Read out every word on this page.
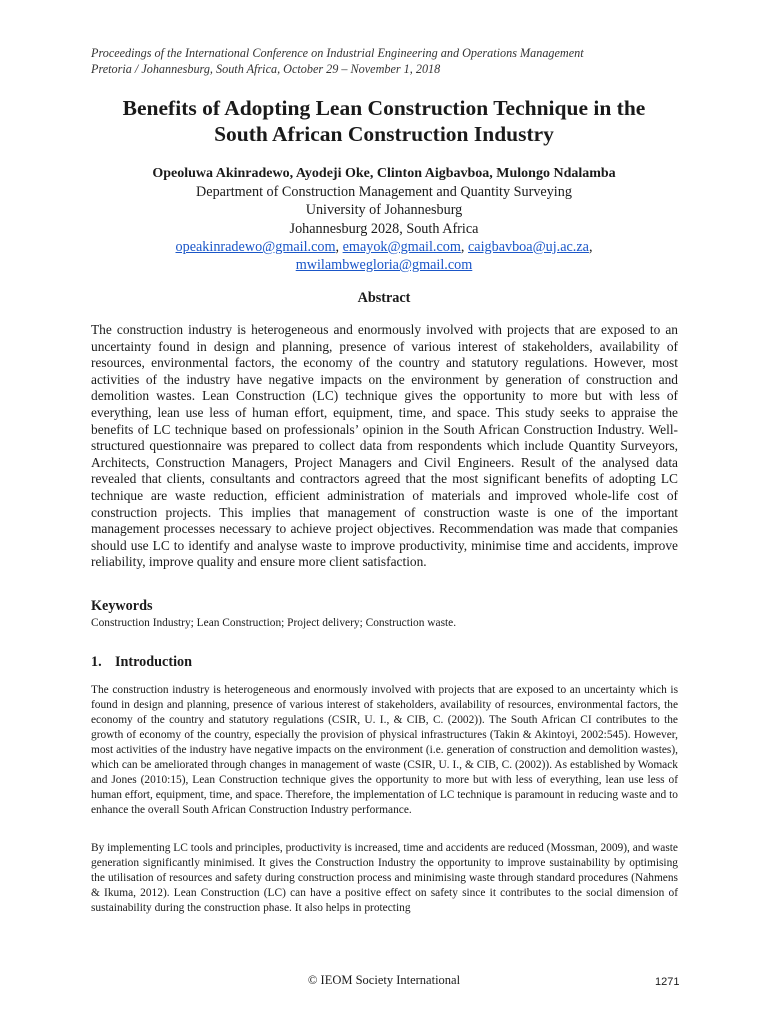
Proceedings of the International Conference on Industrial Engineering and Operations Management
Pretoria / Johannesburg, South Africa, October 29 – November 1, 2018
Benefits of Adopting Lean Construction Technique in the
South African Construction Industry
Opeoluwa Akinradewo, Ayodeji Oke, Clinton Aigbavboa, Mulongo Ndalamba
Department of Construction Management and Quantity Surveying
University of Johannesburg
Johannesburg 2028, South Africa
opeakinradewo@gmail.com, emayok@gmail.com, caigbavboa@uj.ac.za,
mwilambwegloria@gmail.com
Abstract
The construction industry is heterogeneous and enormously involved with projects that are exposed to an uncertainty found in design and planning, presence of various interest of stakeholders, availability of resources, environmental factors, the economy of the country and statutory regulations. However, most activities of the industry have negative impacts on the environment by generation of construction and demolition wastes. Lean Construction (LC) technique gives the opportunity to more but with less of everything, lean use less of human effort, equipment, time, and space. This study seeks to appraise the benefits of LC technique based on professionals’ opinion in the South African Construction Industry. Well-structured questionnaire was prepared to collect data from respondents which include Quantity Surveyors, Architects, Construction Managers, Project Managers and Civil Engineers. Result of the analysed data revealed that clients, consultants and contractors agreed that the most significant benefits of adopting LC technique are waste reduction, efficient administration of materials and improved whole-life cost of construction projects. This implies that management of construction waste is one of the important management processes necessary to achieve project objectives. Recommendation was made that companies should use LC to identify and analyse waste to improve productivity, minimise time and accidents, improve reliability, improve quality and ensure more client satisfaction.
Keywords
Construction Industry; Lean Construction; Project delivery; Construction waste.
1. Introduction
The construction industry is heterogeneous and enormously involved with projects that are exposed to an uncertainty which is found in design and planning, presence of various interest of stakeholders, availability of resources, environmental factors, the economy of the country and statutory regulations (CSIR, U. I., & CIB, C. (2002)). The South African CI contributes to the growth of economy of the country, especially the provision of physical infrastructures (Takin & Akintoyi, 2002:545). However, most activities of the industry have negative impacts on the environment (i.e. generation of construction and demolition wastes), which can be ameliorated through changes in management of waste (CSIR, U. I., & CIB, C. (2002)). As established by Womack and Jones (2010:15), Lean Construction technique gives the opportunity to more but with less of everything, lean use less of human effort, equipment, time, and space. Therefore, the implementation of LC technique is paramount in reducing waste and to enhance the overall South African Construction Industry performance.
By implementing LC tools and principles, productivity is increased, time and accidents are reduced (Mossman, 2009), and waste generation significantly minimised. It gives the Construction Industry the opportunity to improve sustainability by optimising the utilisation of resources and safety during construction process and minimising waste through standard procedures (Nahmens & Ikuma, 2012). Lean Construction (LC) can have a positive effect on safety since it contributes to the social dimension of sustainability during the construction phase. It also helps in protecting
© IEOM Society International	1271
